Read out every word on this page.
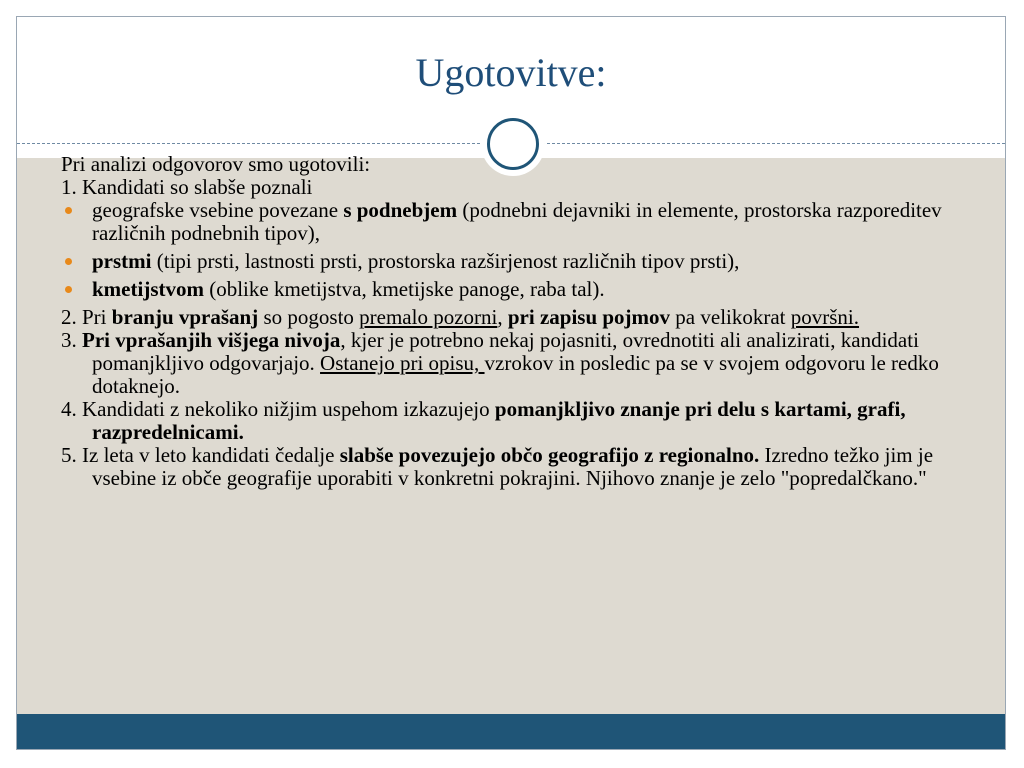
Ugotovitve:

Pri analizi odgovorov smo ugotovili:

1. Kandidati so slabše poznali

geografske vsebine povezane s podnebjem (podnebni dejavniki in elemente, prostorska razporeditev različnih podnebnih tipov),
prstmi (tipi prsti, lastnosti prsti, prostorska razširjenost različnih tipov prsti),
kmetijstvom (oblike kmetijstva, kmetijske panoge, raba tal).

2. Pri branju vprašanj so pogosto premalo pozorni, pri zapisu pojmov pa velikokrat površni.

3. Pri vprašanjih višjega nivoja, kjer je potrebno nekaj pojasniti, ovrednotiti ali analizirati, kandidati pomanjkljivo odgovarjajo. Ostanejo pri opisu, vzrokov in posledic pa se v svojem odgovoru le redko dotaknejo.

4. Kandidati z nekoliko nižjim uspehom izkazujejo pomanjkljivo znanje pri delu s kartami, grafi, razpredelnicami.

5. Iz leta v leto kandidati čedalje slabše povezujejo občo geografijo z regionalno. Izredno težko jim je vsebine iz obče geografije uporabiti v konkretni pokrajini. Njihovo znanje je zelo "popredalčkano."
